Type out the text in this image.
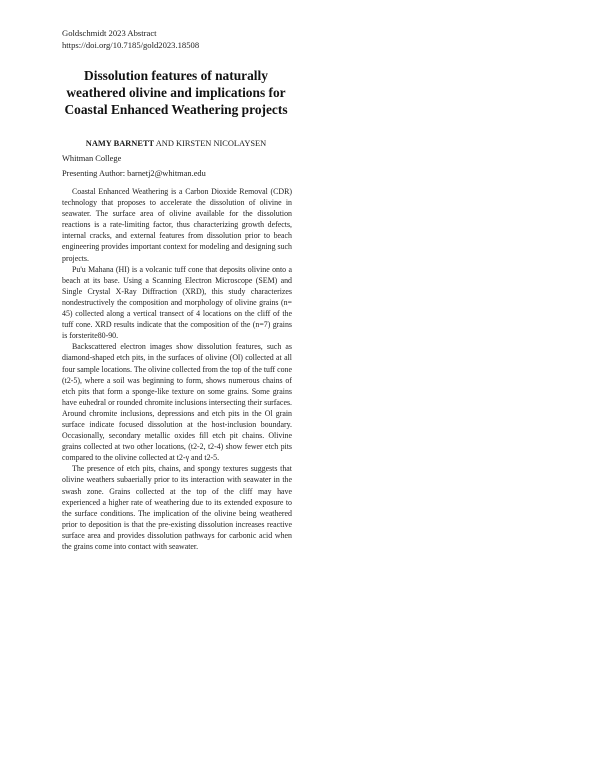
Goldschmidt 2023 Abstract
https://doi.org/10.7185/gold2023.18508
Dissolution features of naturally weathered olivine and implications for Coastal Enhanced Weathering projects
NAMY BARNETT AND KIRSTEN NICOLAYSEN
Whitman College
Presenting Author: barnetj2@whitman.edu

Coastal Enhanced Weathering is a Carbon Dioxide Removal (CDR) technology that proposes to accelerate the dissolution of olivine in seawater. The surface area of olivine available for the dissolution reactions is a rate-limiting factor, thus characterizing growth defects, internal cracks, and external features from dissolution prior to beach engineering provides important context for modeling and designing such projects.

Pu'u Mahana (HI) is a volcanic tuff cone that deposits olivine onto a beach at its base. Using a Scanning Electron Microscope (SEM) and Single Crystal X-Ray Diffraction (XRD), this study characterizes nondestructively the composition and morphology of olivine grains (n= 45) collected along a vertical transect of 4 locations on the cliff of the tuff cone. XRD results indicate that the composition of the (n=7) grains is forsterite80-90.

Backscattered electron images show dissolution features, such as diamond-shaped etch pits, in the surfaces of olivine (Ol) collected at all four sample locations. The olivine collected from the top of the tuff cone (t2-5), where a soil was beginning to form, shows numerous chains of etch pits that form a sponge-like texture on some grains. Some grains have euhedral or rounded chromite inclusions intersecting their surfaces. Around chromite inclusions, depressions and etch pits in the Ol grain surface indicate focused dissolution at the host-inclusion boundary. Occasionally, secondary metallic oxides fill etch pit chains. Olivine grains collected at two other locations, (t2-2, t2-4) show fewer etch pits compared to the olivine collected at t2-γ and t2-5.

The presence of etch pits, chains, and spongy textures suggests that olivine weathers subaerially prior to its interaction with seawater in the swash zone. Grains collected at the top of the cliff may have experienced a higher rate of weathering due to its extended exposure to the surface conditions. The implication of the olivine being weathered prior to deposition is that the pre-existing dissolution increases reactive surface area and provides dissolution pathways for carbonic acid when the grains come into contact with seawater.
